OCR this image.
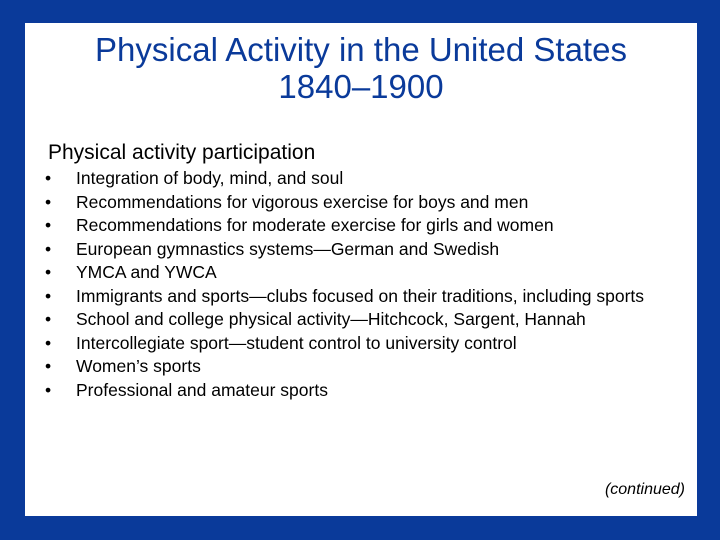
Physical Activity in the United States
1840–1900
Physical activity participation
• Integration of body, mind, and soul
• Recommendations for vigorous exercise for boys and men
• Recommendations for moderate exercise for girls and women
• European gymnastics systems—German and Swedish
• YMCA and YWCA
• Immigrants and sports—clubs focused on their traditions, including sports
• School and college physical activity—Hitchcock, Sargent, Hannah
• Intercollegiate sport—student control to university control
• Women’s sports
• Professional and amateur sports
(continued)
